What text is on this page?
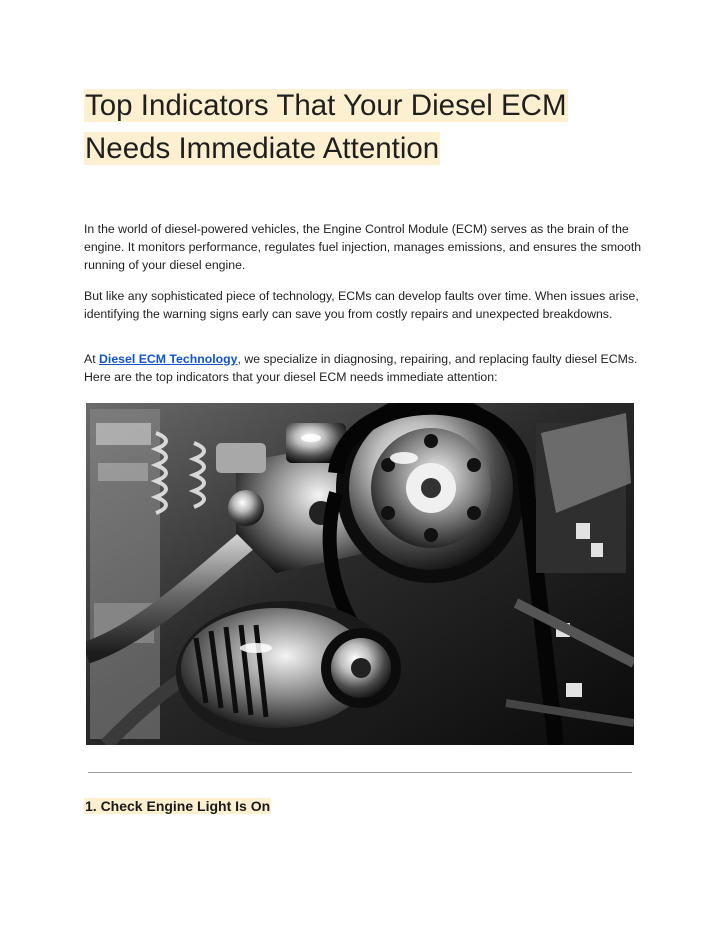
Top Indicators That Your Diesel ECM
Needs Immediate Attention

In the world of diesel-powered vehicles, the Engine Control Module (ECM) serves as the brain of the engine. It monitors performance, regulates fuel injection, manages emissions, and ensures the smooth running of your diesel engine.

But like any sophisticated piece of technology, ECMs can develop faults over time. When issues arise, identifying the warning signs early can save you from costly repairs and unexpected breakdowns.

At Diesel ECM Technology, we specialize in diagnosing, repairing, and replacing faulty diesel ECMs. Here are the top indicators that your diesel ECM needs immediate attention:

1. Check Engine Light Is On
